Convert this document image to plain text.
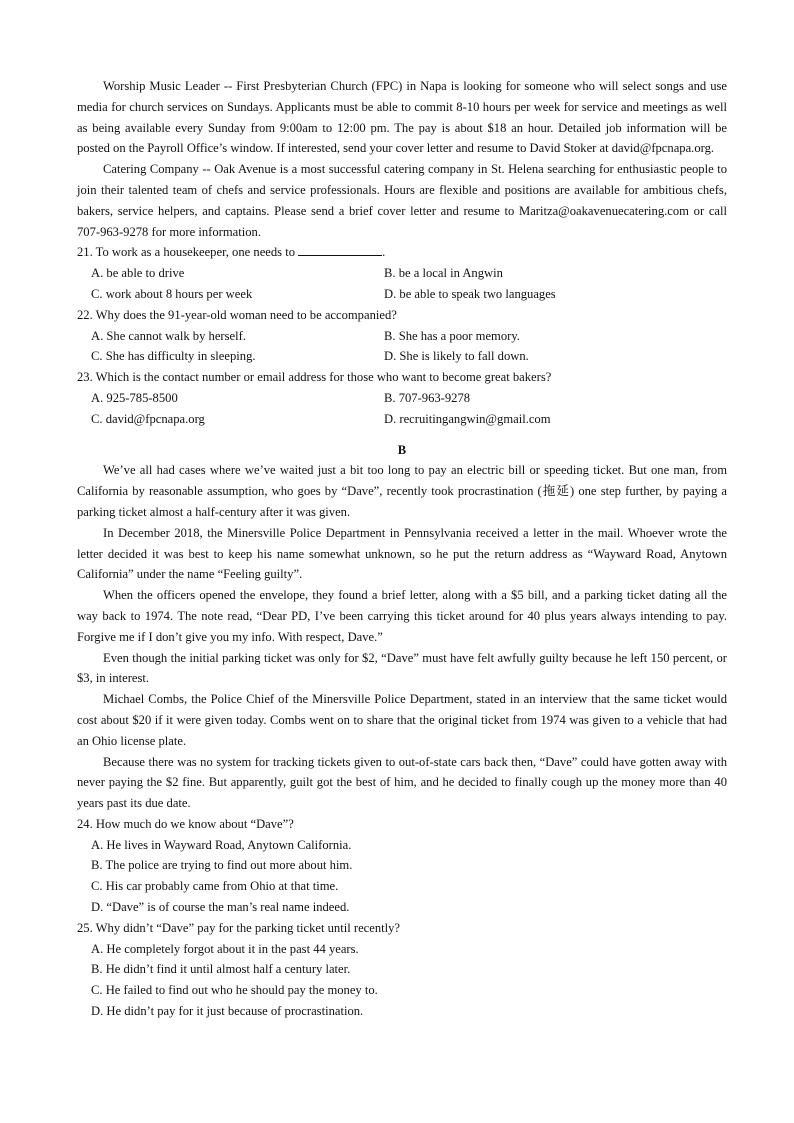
Worship Music Leader -- First Presbyterian Church (FPC) in Napa is looking for someone who will select songs and use media for church services on Sundays. Applicants must be able to commit 8-10 hours per week for service and meetings as well as being available every Sunday from 9:00am to 12:00 pm. The pay is about $18 an hour. Detailed job information will be posted on the Payroll Office’s window. If interested, send your cover letter and resume to David Stoker at david@fpcnapa.org.

Catering Company -- Oak Avenue is a most successful catering company in St. Helena searching for enthusiastic people to join their talented team of chefs and service professionals. Hours are flexible and positions are available for ambitious chefs, bakers, service helpers, and captains. Please send a brief cover letter and resume to Maritza@oakavenuecatering.com or call 707-963-9278 for more information.

21. To work as a housekeeper, one needs to	.

A. be able to drive	B. be a local in Angwin
C. work about 8 hours per week	D. be able to speak two languages

22. Why does the 91-year-old woman need to be accompanied?

A. She cannot walk by herself.	B. She has a poor memory.
C. She has difficulty in sleeping.	D. She is likely to fall down.

23. Which is the contact number or email address for those who want to become great bakers?

A. 925-785-8500	B. 707-963-9278
C. david@fpcnapa.org	D. recruitingangwin@gmail.com

B

We’ve all had cases where we’ve waited just a bit too long to pay an electric bill or speeding ticket. But one man, from California by reasonable assumption, who goes by “Dave”, recently took procrastination (拖延) one step further, by paying a parking ticket almost a half-century after it was given.

In December 2018, the Minersville Police Department in Pennsylvania received a letter in the mail. Whoever wrote the letter decided it was best to keep his name somewhat unknown, so he put the return address as “Wayward Road, Anytown California” under the name “Feeling guilty”.

When the officers opened the envelope, they found a brief letter, along with a $5 bill, and a parking ticket dating all the way back to 1974. The note read, “Dear PD, I’ve been carrying this ticket around for 40 plus years always intending to pay. Forgive me if I don’t give you my info. With respect, Dave.”

Even though the initial parking ticket was only for $2, “Dave” must have felt awfully guilty because he left 150 percent, or $3, in interest.

Michael Combs, the Police Chief of the Minersville Police Department, stated in an interview that the same ticket would cost about $20 if it were given today. Combs went on to share that the original ticket from 1974 was given to a vehicle that had an Ohio license plate.

Because there was no system for tracking tickets given to out-of-state cars back then, “Dave” could have gotten away with never paying the $2 fine. But apparently, guilt got the best of him, and he decided to finally cough up the money more than 40 years past its due date.

24. How much do we know about “Dave”?

A. He lives in Wayward Road, Anytown California.
B. The police are trying to find out more about him.
C. His car probably came from Ohio at that time.
D. “Dave” is of course the man’s real name indeed.

25. Why didn’t “Dave” pay for the parking ticket until recently?

A. He completely forgot about it in the past 44 years.
B. He didn’t find it until almost half a century later.
C. He failed to find out who he should pay the money to.
D. He didn’t pay for it just because of procrastination.
